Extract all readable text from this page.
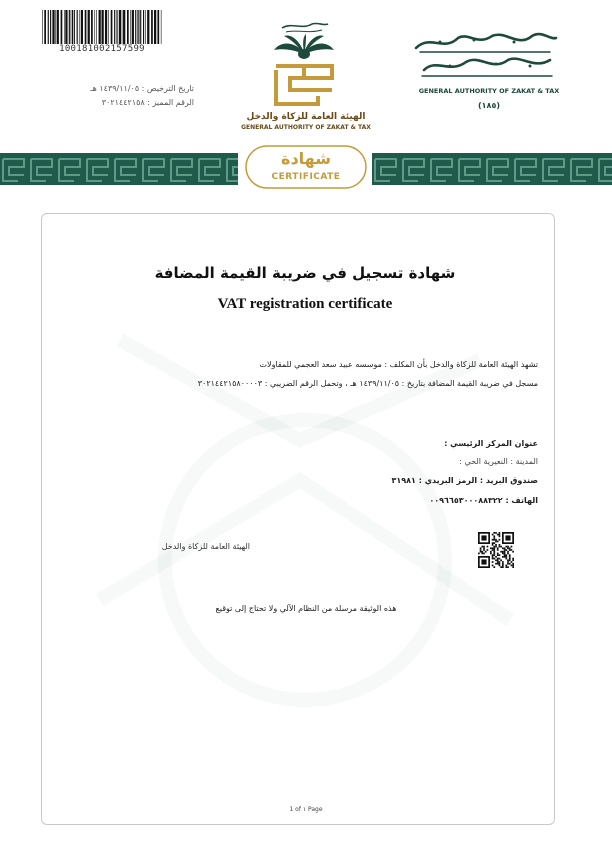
100181002157599
تاريخ الترخيص : ١٤٣٩/١١/٠٥ هـ
الرقم المميز : ٣٠٢١٤٤٢١٥٨
الهيئة العامة للزكاة والدخل
GENERAL AUTHORITY OF ZAKAT & TAX
GENERAL AUTHORITY OF ZAKAT & TAX
(١٨٥)
شهادة
CERTIFICATE
شهادة تسجيل في ضريبة القيمة المضافة
VAT registration certificate
تشهد الهيئة العامة للزكاة والدخل بأن المكلف : موسسه عبيد سعد العجمي للمقاولات
مسجل في ضريبة القيمة المضافة بتاريخ : ١٤٣٩/١١/٠٥ هـ ، وتحمل الرقم الضريبي : ٣٠٢١٤٤٢١٥٨٠٠٠٠٣
عنوان المركز الرئيسي :
المدينة : النعيرية الحي :
صندوق البريد : الرمز البريدي : ٣١٩٨١
الهاتف : ٠٠٩٦٦٥٣٠٠٠٨٨٣٢٢
الهيئة العامة للزكاة والدخل
هذه الوثيقة مرسلة من النظام الآلي ولا تحتاج إلى توقيع
1 of ١ Page
